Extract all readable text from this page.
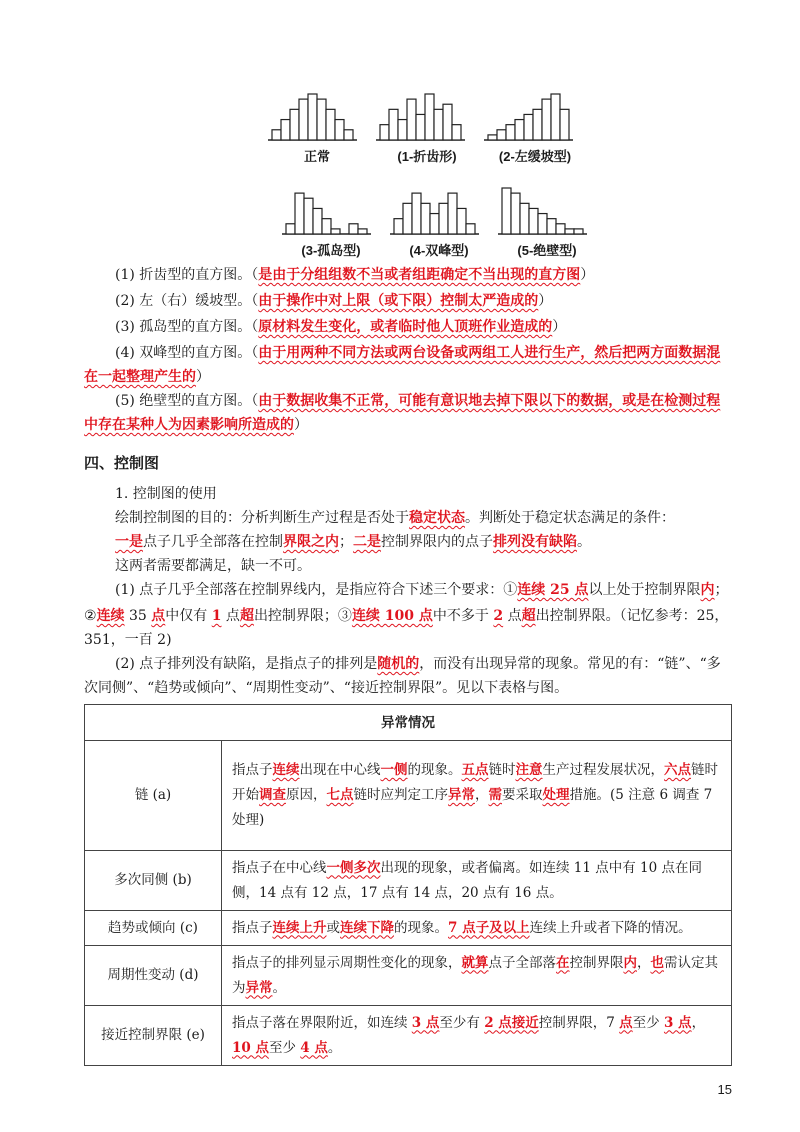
正常	(1-折齿形)	(2-左缓坡型)
(3-孤岛型)	(4-双峰型)	(5-绝壁型)
(1) 折齿型的直方图。（是由于分组组数不当或者组距确定不当出现的直方图）
(2) 左（右）缓坡型。（由于操作中对上限（或下限）控制太严造成的）
(3) 孤岛型的直方图。（原材料发生变化，或者临时他人顶班作业造成的）
(4) 双峰型的直方图。（由于用两种不同方法或两台设备或两组工人进行生产，然后把两方面数据混
在一起整理产生的）
(5) 绝壁型的直方图。（由于数据收集不正常，可能有意识地去掉下限以下的数据，或是在检测过程
中存在某种人为因素影响所造成的）
四、控制图
1. 控制图的使用
绘制控制图的目的：分析判断生产过程是否处于稳定状态。判断处于稳定状态满足的条件：
一是点子几乎全部落在控制界限之内；二是控制界限内的点子排列没有缺陷。
这两者需要都满足，缺一不可。
(1) 点子几乎全部落在控制界线内，是指应符合下述三个要求：①连续 25 点以上处于控制界限内；
②连续 35 点中仅有 1 点超出控制界限；③连续 100 点中不多于 2 点超出控制界限。（记忆参考：25，
351，一百 2)
(2) 点子排列没有缺陷，是指点子的排列是随机的，而没有出现异常的现象。常见的有：“链”、“多
次同侧”、“趋势或倾向”、“周期性变动”、“接近控制界限”。见以下表格与图。
异常情况	
链 (a)	指点子连续出现在中心线一侧的现象。五点链时注意生产过程发展状况，六点链时开始调查原因，七点链时应判定工序异常，需要采取处理措施。(5 注意 6 调查 7 处理)
多次同侧 (b)	指点子在中心线一侧多次出现的现象，或者偏离。如连续 11 点中有 10 点在同侧，14 点有 12 点，17 点有 14 点，20 点有 16 点。
趋势或倾向 (c)	指点子连续上升或连续下降的现象。7 点子及以上连续上升或者下降的情况。
周期性变动 (d)	指点子的排列显示周期性变化的现象，就算点子全部落在控制界限内，也需认定其为异常。
接近控制界限 (e)	指点子落在界限附近，如连续 3 点至少有 2 点接近控制界限，7 点至少 3 点，10 点至少 4 点。
15
